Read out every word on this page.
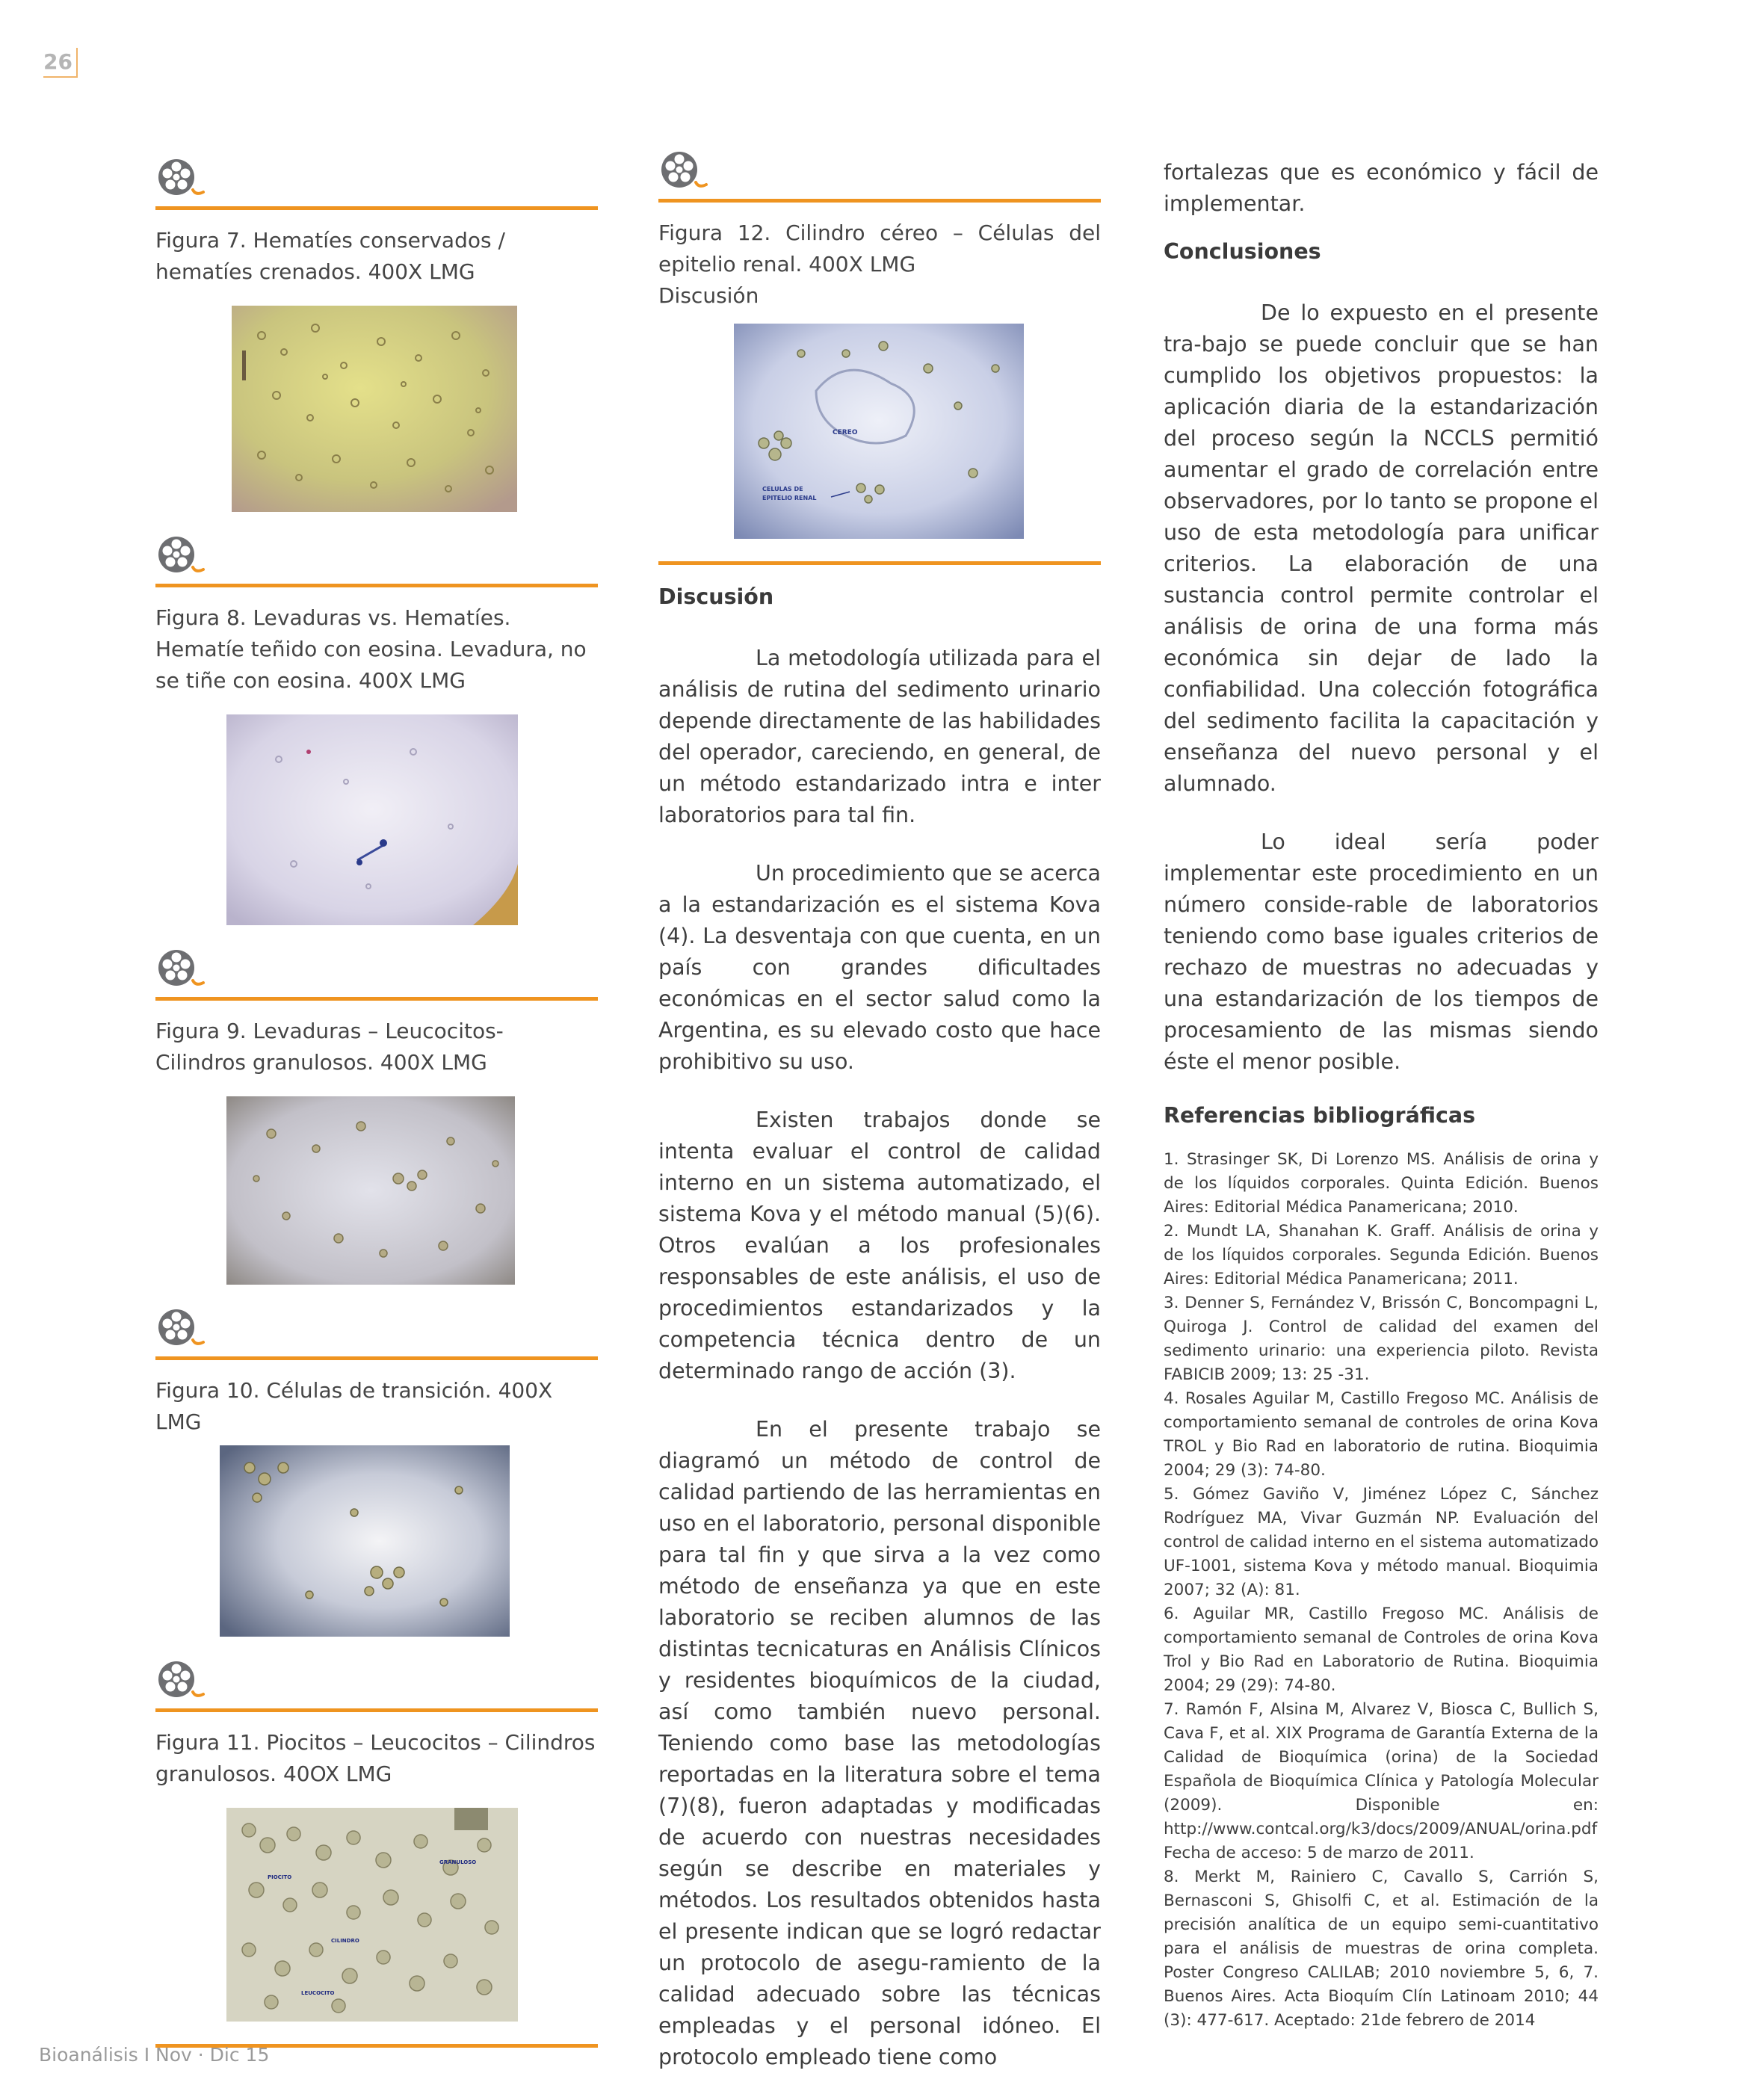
26
Figura 7. Hematíes conservados / hematíes crenados. 400X LMG
Figura 8. Levaduras vs. Hematíes. Hematíe teñido con eosina. Levadura, no se tiñe con eosina. 400X LMG
Figura 9. Levaduras – Leucocitos- Cilindros granulosos. 400X LMG
Figura 10. Células de transición. 400X LMG
Figura 11. Piocitos – Leucocitos – Cilindros granulosos. 40OX LMG
PIOCITO
CILINDRO
LEUCOCITO
GRANULOSO
Figura 12. Cilindro céreo – Células del epitelio renal. 400X LMG
Discusión
CEREO
CELULAS DE
EPITELIO RENAL
Discusión

La metodología utilizada para el análisis de rutina del sedimento urinario depende directamente de las habilidades del operador, careciendo, en general, de un método estandarizado intra e inter laboratorios para tal fin.

Un procedimiento que se acerca a la estandarización es el sistema Kova (4). La desventaja con que cuenta, en un país con grandes dificultades económicas en el sector salud como la Argentina, es su elevado costo que hace prohibitivo su uso.

Existen trabajos donde se intenta evaluar el control de calidad interno en un sistema automatizado, el sistema Kova y el método manual (5)(6). Otros evalúan a los profesionales responsables de este análisis, el uso de procedimientos estandarizados y la competencia técnica dentro de un determinado rango de acción (3).

En el presente trabajo se diagramó un método de control de calidad partiendo de las herramientas en uso en el laboratorio, personal disponible para tal fin y que sirva a la vez como método de enseñanza ya que en este laboratorio se reciben alumnos de las distintas tecnicaturas en Análisis Clínicos y residentes bioquímicos de la ciudad, así como también nuevo personal. Teniendo como base las metodologías reportadas en la literatura sobre el tema (7)(8), fueron adaptadas y modificadas de acuerdo con nuestras necesidades según se describe en materiales y métodos. Los resultados obtenidos hasta el presente indican que se logró redactar un protocolo de asegu-ramiento de la calidad adecuado sobre las técnicas empleadas y el personal idóneo. El protocolo empleado tiene como

fortalezas que es económico y fácil de implementar.

Conclusiones

De lo expuesto en el presente tra-bajo se puede concluir que se han cumplido los objetivos propuestos: la aplicación diaria de la estandarización del proceso según la NCCLS permitió aumentar el grado de correlación entre observadores, por lo tanto se propone el uso de esta metodología para unificar criterios. La elaboración de una sustancia control permite controlar el análisis de orina de una forma más económica sin dejar de lado la confiabilidad. Una colección fotográfica del sedimento facilita la capacitación y enseñanza del nuevo personal y el alumnado.

Lo ideal sería poder implementar este procedimiento en un número conside-rable de laboratorios teniendo como base iguales criterios de rechazo de muestras no adecuadas y una estandarización de los tiempos de procesamiento de las mismas siendo éste el menor posible.

Referencias bibliográficas

1. Strasinger SK, Di Lorenzo MS. Análisis de orina y de los líquidos corporales. Quinta Edición. Buenos Aires: Editorial Médica Panamericana; 2010.

2. Mundt LA, Shanahan K. Graff. Análisis de orina y de los líquidos corporales. Segunda Edición. Buenos Aires: Editorial Médica Panamericana; 2011.

3. Denner S, Fernández V, Brissón C, Boncompagni L, Quiroga J. Control de calidad del examen del sedimento urinario: una experiencia piloto. Revista FABICIB 2009; 13: 25 -31.

4. Rosales Aguilar M, Castillo Fregoso MC. Análisis de comportamiento semanal de controles de orina Kova TROL y Bio Rad en laboratorio de rutina. Bioquimia 2004; 29 (3): 74-80.

5. Gómez Gaviño V, Jiménez López C, Sánchez Rodríguez MA, Vivar Guzmán NP. Evaluación del control de calidad interno en el sistema automatizado UF-1001, sistema Kova y método manual. Bioquimia 2007; 32 (A): 81.

6. Aguilar MR, Castillo Fregoso MC. Análisis de comportamiento semanal de Controles de orina Kova Trol y Bio Rad en Laboratorio de Rutina. Bioquimia 2004; 29 (29): 74-80.

7. Ramón F, Alsina M, Alvarez V, Biosca C, Bullich S, Cava F, et al. XIX Programa de Garantía Externa de la Calidad de Bioquímica (orina) de la Sociedad Española de Bioquímica Clínica y Patología Molecular (2009). Disponible en: http://www.contcal.org/k3/docs/2009/ANUAL/orina.pdf Fecha de acceso: 5 de marzo de 2011.

8. Merkt M, Rainiero C, Cavallo S, Carrión S, Bernasconi S, Ghisolfi C, et al. Estimación de la precisión analítica de un equipo semi-cuantitativo para el análisis de muestras de orina completa. Poster Congreso CALILAB; 2010 noviembre 5, 6, 7. Buenos Aires. Acta Bioquím Clín Latinoam 2010; 44 (3): 477-617. Aceptado: 21de febrero de 2014

Bioanálisis I Nov · Dic 15
